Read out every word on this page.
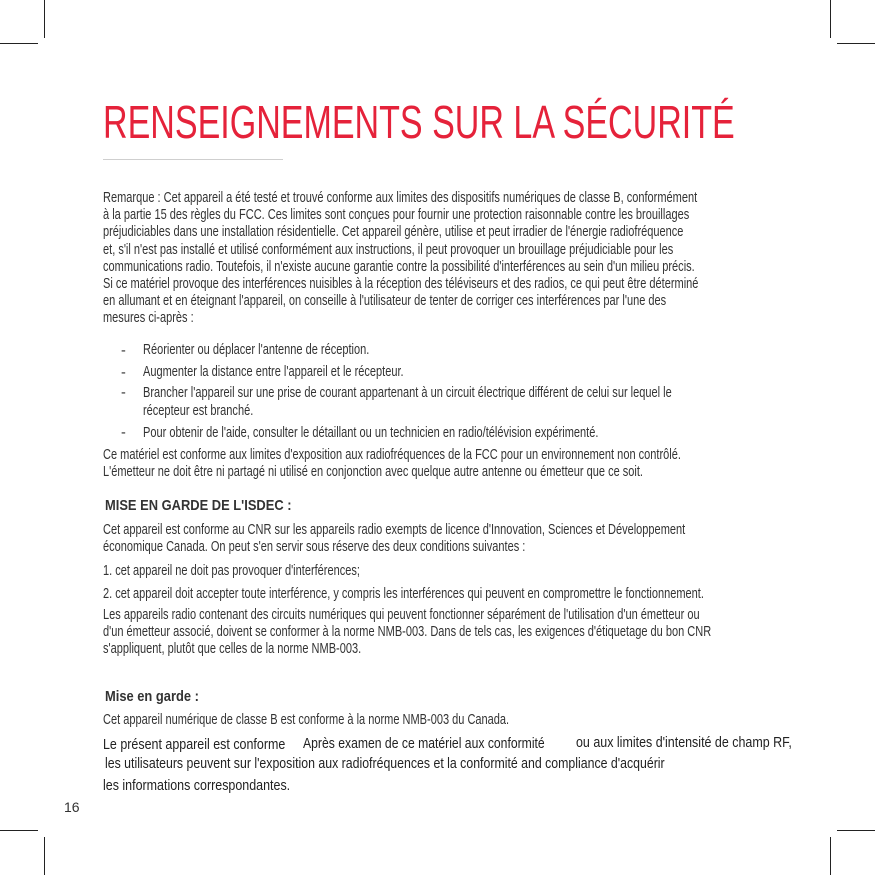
RENSEIGNEMENTS SUR LA SÉCURITÉ

Remarque : Cet appareil a été testé et trouvé conforme aux limites des dispositifs numériques de classe B, conformément
à la partie 15 des règles du FCC. Ces limites sont conçues pour fournir une protection raisonnable contre les brouillages
préjudiciables dans une installation résidentielle. Cet appareil génère, utilise et peut irradier de l'énergie radiofréquence
et, s'il n'est pas installé et utilisé conformément aux instructions, il peut provoquer un brouillage préjudiciable pour les
communications radio. Toutefois, il n'existe aucune garantie contre la possibilité d'interférences au sein d'un milieu précis.
Si ce matériel provoque des interférences nuisibles à la réception des téléviseurs et des radios, ce qui peut être déterminé
en allumant et en éteignant l'appareil, on conseille à l'utilisateur de tenter de corriger ces interférences par l'une des
mesures ci-après :

- Réorienter ou déplacer l'antenne de réception.
- Augmenter la distance entre l'appareil et le récepteur.
- Brancher l'appareil sur une prise de courant appartenant à un circuit électrique différent de celui sur lequel le
récepteur est branché.
- Pour obtenir de l'aide, consulter le détaillant ou un technicien en radio/télévision expérimenté.

Ce matériel est conforme aux limites d'exposition aux radiofréquences de la FCC pour un environnement non contrôlé.
L'émetteur ne doit être ni partagé ni utilisé en conjonction avec quelque autre antenne ou émetteur que ce soit.

MISE EN GARDE DE L'ISDEC :

Cet appareil est conforme au CNR sur les appareils radio exempts de licence d'Innovation, Sciences et Développement
économique Canada. On peut s'en servir sous réserve des deux conditions suivantes :

1. cet appareil ne doit pas provoquer d'interférences;

2. cet appareil doit accepter toute interférence, y compris les interférences qui peuvent en compromettre le fonctionnement.

Les appareils radio contenant des circuits numériques qui peuvent fonctionner séparément de l'utilisation d'un émetteur ou
d'un émetteur associé, doivent se conformer à la norme NMB-003. Dans de tels cas, les exigences d'étiquetage du bon CNR
s'appliquent, plutôt que celles de la norme NMB-003.

Mise en garde :

Cet appareil numérique de classe B est conforme à la norme NMB-003 du Canada.

Le présent appareil est conforme Après examen de ce matériel aux conformité ou aux limites d'intensité de champ RF,

les utilisateurs peuvent sur l'exposition aux radiofréquences et la conformité and compliance d'acquérir

les informations correspondantes.

16
